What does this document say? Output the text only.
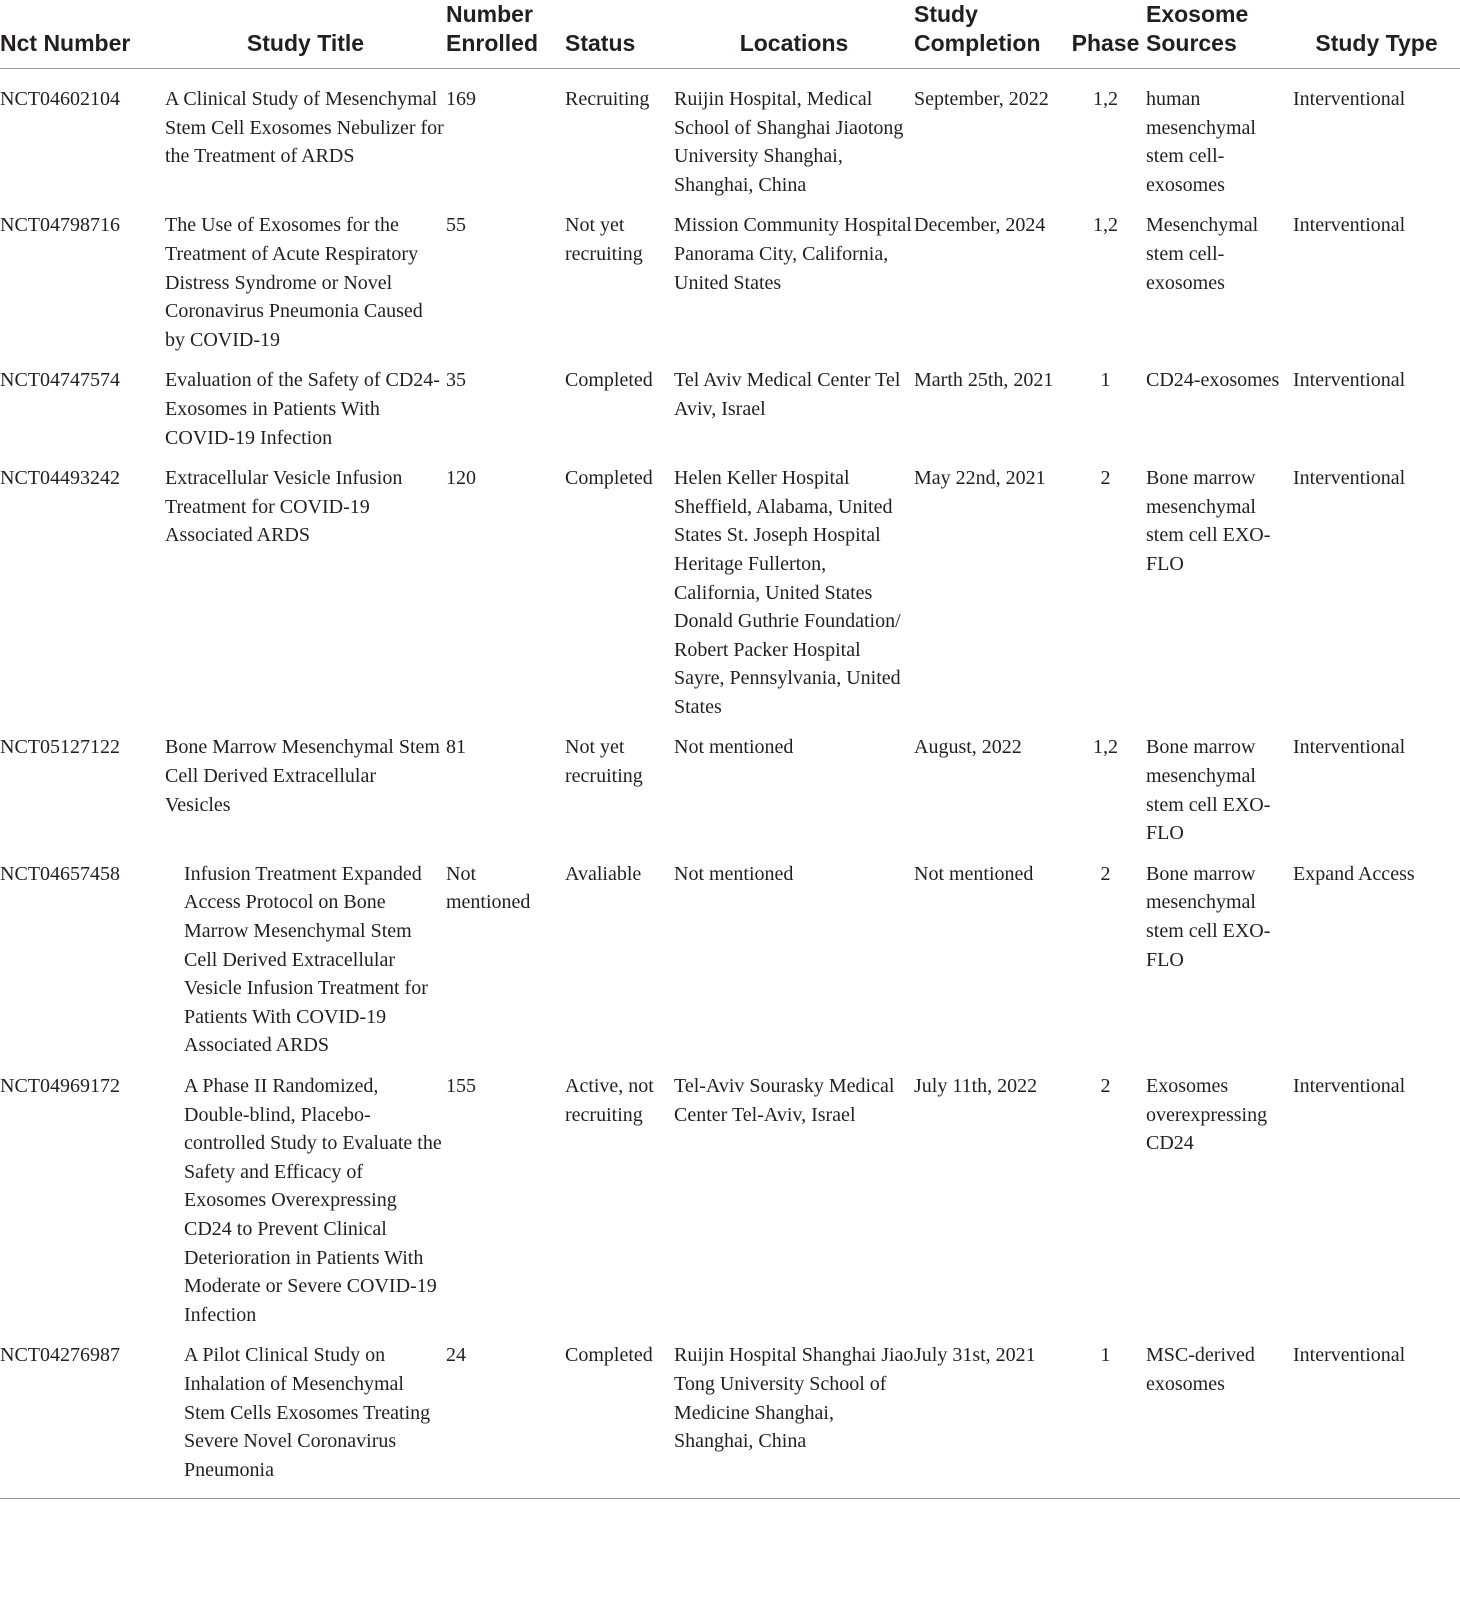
Nct Number	Study Title	Number Enrolled	Status	Locations	Study Completion	Phase	Exosome Sources	Study Type
NCT04602104	A Clinical Study of Mesenchymal Stem Cell Exosomes Nebulizer for the Treatment of ARDS	169	Recruiting	Ruijin Hospital, Medical School of Shanghai Jiaotong University Shanghai, Shanghai, China	September, 2022	1,2	human mesenchymal stem cell-exosomes	Interventional
NCT04798716	The Use of Exosomes for the Treatment of Acute Respiratory Distress Syndrome or Novel Coronavirus Pneumonia Caused by COVID-19	55	Not yet recruiting	Mission Community Hospital Panorama City, California, United States	December, 2024	1,2	Mesenchymal stem cell-exosomes	Interventional
NCT04747574	Evaluation of the Safety of CD24- Exosomes in Patients With COVID-19 Infection	35	Completed	Tel Aviv Medical Center Tel Aviv, Israel	Marth 25th, 2021	1	CD24-exosomes	Interventional
NCT04493242	Extracellular Vesicle Infusion Treatment for COVID-19 Associated ARDS	120	Completed	Helen Keller Hospital Sheffield, Alabama, United States St. Joseph Hospital Heritage Fullerton, California, United States Donald Guthrie Foundation/ Robert Packer Hospital Sayre, Pennsylvania, United States	May 22nd, 2021	2	Bone marrow mesenchymal stem cell EXO-FLO	Interventional
NCT05127122	Bone Marrow Mesenchymal Stem Cell Derived Extracellular Vesicles	81	Not yet recruiting	Not mentioned	August, 2022	1,2	Bone marrow mesenchymal stem cell EXO-FLO	Interventional
NCT04657458	Infusion Treatment Expanded Access Protocol on Bone Marrow Mesenchymal Stem Cell Derived Extracellular Vesicle Infusion Treatment for Patients With COVID-19 Associated ARDS	Not mentioned	Avaliable	Not mentioned	Not mentioned	2	Bone marrow mesenchymal stem cell EXO-FLO	Expand Access
NCT04969172	A Phase II Randomized, Double-blind, Placebo-controlled Study to Evaluate the Safety and Efficacy of Exosomes Overexpressing CD24 to Prevent Clinical Deterioration in Patients With Moderate or Severe COVID-19 Infection	155	Active, not recruiting	Tel-Aviv Sourasky Medical Center Tel-Aviv, Israel	July 11th, 2022	2	Exosomes overexpressing CD24	Interventional
NCT04276987	A Pilot Clinical Study on Inhalation of Mesenchymal Stem Cells Exosomes Treating Severe Novel Coronavirus Pneumonia	24	Completed	Ruijin Hospital Shanghai Jiao Tong University School of Medicine Shanghai, Shanghai, China	July 31st, 2021	1	MSC-derived exosomes	Interventional
